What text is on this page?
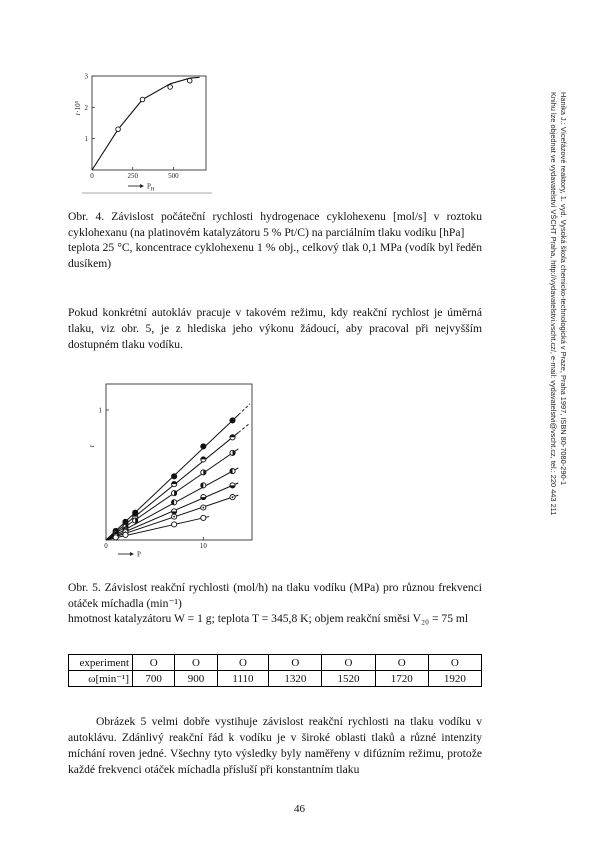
Hanika J.: Vícefázové reaktory, 1. vyd. Vysoká škola chemicko-technologická v Praze, Praha 1997, ISBN 80-7080-290-1
Knihu lze objednat ve vydavatelství VŠCHT Praha, http://vydavatelstvi.vscht.cz/, e-mail: vydavatelstvi@vscht.cz, tel.: 220 443 211
0	250	500
1
2
3
r·10⁵
$P_H$
Obr. 4. Závislost počáteční rychlosti hydrogenace cyklohexenu [mol/s] v roztoku cyklohexanu (na platinovém katalyzátoru 5 % Pt/C) na parciálním tlaku vodíku [hPa]
teplota 25 °C, koncentrace cyklohexenu 1 % obj., celkový tlak 0,1 MPa (vodík byl ředěn dusíkem)
Pokud konkrétní autokláv pracuje v takovém režimu, kdy reakční rychlost je úměrná tlaku, viz obr. 5, je z hlediska jeho výkonu žádoucí, aby pracoval při nejvyšším dostupném tlaku vodíku.
0	10
1
r
P
Obr. 5. Závislost reakční rychlosti (mol/h) na tlaku vodíku (MPa) pro různou frekvenci otáček míchadla (min⁻¹)
hmotnost katalyzátoru W = 1 g; teplota T = 345,8 K; objem reakční směsi V₂₀ = 75 ml
experiment	O	O	O	O	O	O	O
ω[min⁻¹]	700	900	1110	1320	1520	1720	1920
Obrázek 5 velmi dobře vystihuje závislost reakční rychlosti na tlaku vodíku v autoklávu. Zdánlivý reakční řád k vodíku je v široké oblasti tlaků a různé intenzity míchání roven jedné. Všechny tyto výsledky byly naměřeny v difúzním režimu, protože každé frekvenci otáček míchadla přísluší při konstantním tlaku
46
